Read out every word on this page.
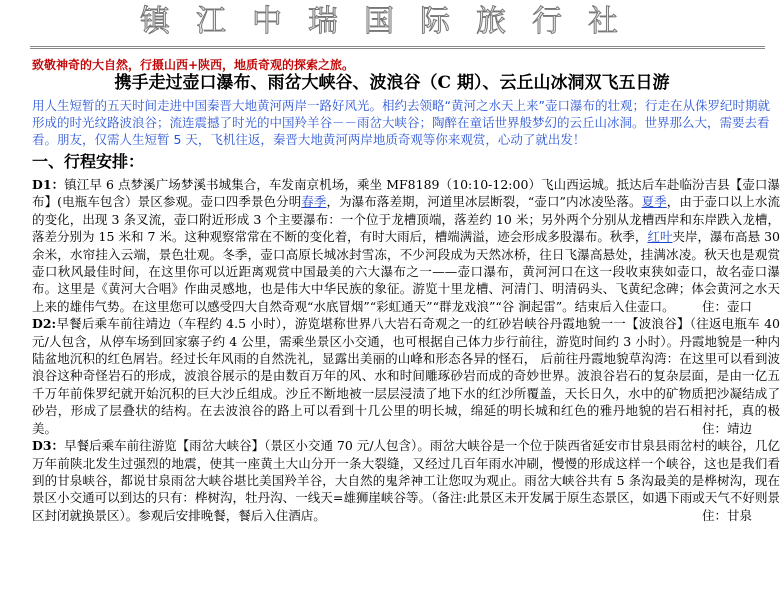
镇江中瑞国际旅行社
致敬神奇的大自然，行摄山西+陕西，地质奇观的探索之旅。
携手走过壶口瀑布、雨岔大峡谷、波浪谷（C 期）、云丘山冰洞双飞五日游
用人生短暂的五天时间走进中国秦晋大地黄河两岸一路好风光。相约去领略“黄河之水天上来”壶口瀑布的壮观；行走在从侏罗纪时期就形成的时光纹路波浪谷；流连震撼了时光的中国羚羊谷－－雨岔大峡谷；陶醉在童话世界般梦幻的云丘山冰洞。世界那么大，需要去看看。朋友，仅需人生短暂 5 天，飞机往返，秦晋大地黄河两岸地质奇观等你来观赏，心动了就出发！
一、行程安排：

D1：镇江早 6 点梦溪广场梦溪书城集合，车发南京机场，乘坐 MF8189（10:10-12:00）飞山西运城。抵达后车赴临汾吉县【壶口瀑布】(电瓶车包含）景区参观。壶口四季景色分明春季，为瀑布落差期，河道里冰层断裂，“壶口”内冰凌坠落。夏季，由于壶口以上水流的变化，出现 3 条叉流，壶口附近形成 3 个主要瀑布：一个位于龙槽顶端，落差约 10 米；另外两个分别从龙槽西岸和东岸跌入龙槽，落差分别为 15 米和 7 米。这种观察常常在不断的变化着，有时大雨后，槽端满溢，迹会形成多股瀑布。秋季，红叶夹岸，瀑布高悬 30 余米，水帘挂入云端，景色壮观。冬季，壶口高原长城冰封雪冻，不少河段成为天然冰桥，往日飞瀑高悬处，挂满冰凌。秋天也是观赏壶口秋风最佳时间，在这里你可以近距离观赏中国最美的六大瀑布之一——壶口瀑布，黄河河口在这一段收束狭如壶口，故名壶口瀑布。这里是《黄河大合唱》作曲灵感地，也是伟大中华民族的象征。游览十里龙槽、河清门、明清码头、飞黄纪念碑；体会黄河之水天上来的雄伟气势。在这里您可以感受四大自然奇观“水底冒烟”“彩虹通天”“群龙戏浪”“谷 涧起雷”。结束后入住壶口。 住：壶口

D2:早餐后乘车前往靖边（车程约 4.5 小时），游览堪称世界八大岩石奇观之一的红砂岩峡谷丹霞地貌一一【波浪谷】（往返电瓶车 40 元/人包含，从停车场到回家寨子约 4 公里，需乘坐景区小交通，也可根据自己体力步行前往，游览时间约 3 小时）。丹霞地貌是一种内陆盆地沉积的红色屑岩。经过长年风雨的自然洗礼，显露出美丽的山峰和形态各异的怪石， 后前往丹霞地貌草沟湾：在这里可以看到波浪谷这种奇怪岩石的形成，波浪谷展示的是由数百万年的风、水和时间雕琢砂岩而成的奇妙世界。波浪谷岩石的复杂层面，是由一亿五千万年前侏罗纪就开始沉积的巨大沙丘组成。沙丘不断地被一层层浸渍了地下水的红沙所覆盖，天长日久，水中的矿物质把沙凝结成了砂岩，形成了层叠状的结构。在去波浪谷的路上可以看到十几公里的明长城，绵延的明长城和红色的雅丹地貌的岩石相衬托，真的极美。	住：靖边

D3：早餐后乘车前往游览【雨岔大峡谷】（景区小交通 70 元/人包含）。雨岔大峡谷是一个位于陕西省延安市甘泉县雨岔村的峡谷，几亿万年前陕北发生过强烈的地震，使其一座黄土大山分开一条大裂缝，又经过几百年雨水冲刷，慢慢的形成这样一个峡谷，这也是我们看到的甘泉峡谷，都说甘泉雨岔大峡谷堪比美国羚羊谷，大自然的鬼斧神工让您叹为观止。雨岔大峡谷共有 5 条沟最美的是桦树沟，现在景区小交通可以到达的只有：桦树沟，牡丹沟、一线天=雄狮崖峡谷等。（备注:此景区未开发属于原生态景区，如遇下雨或天气不好则景区封闭就换景区）。参观后安排晚餐，餐后入住酒店。	住：甘泉
